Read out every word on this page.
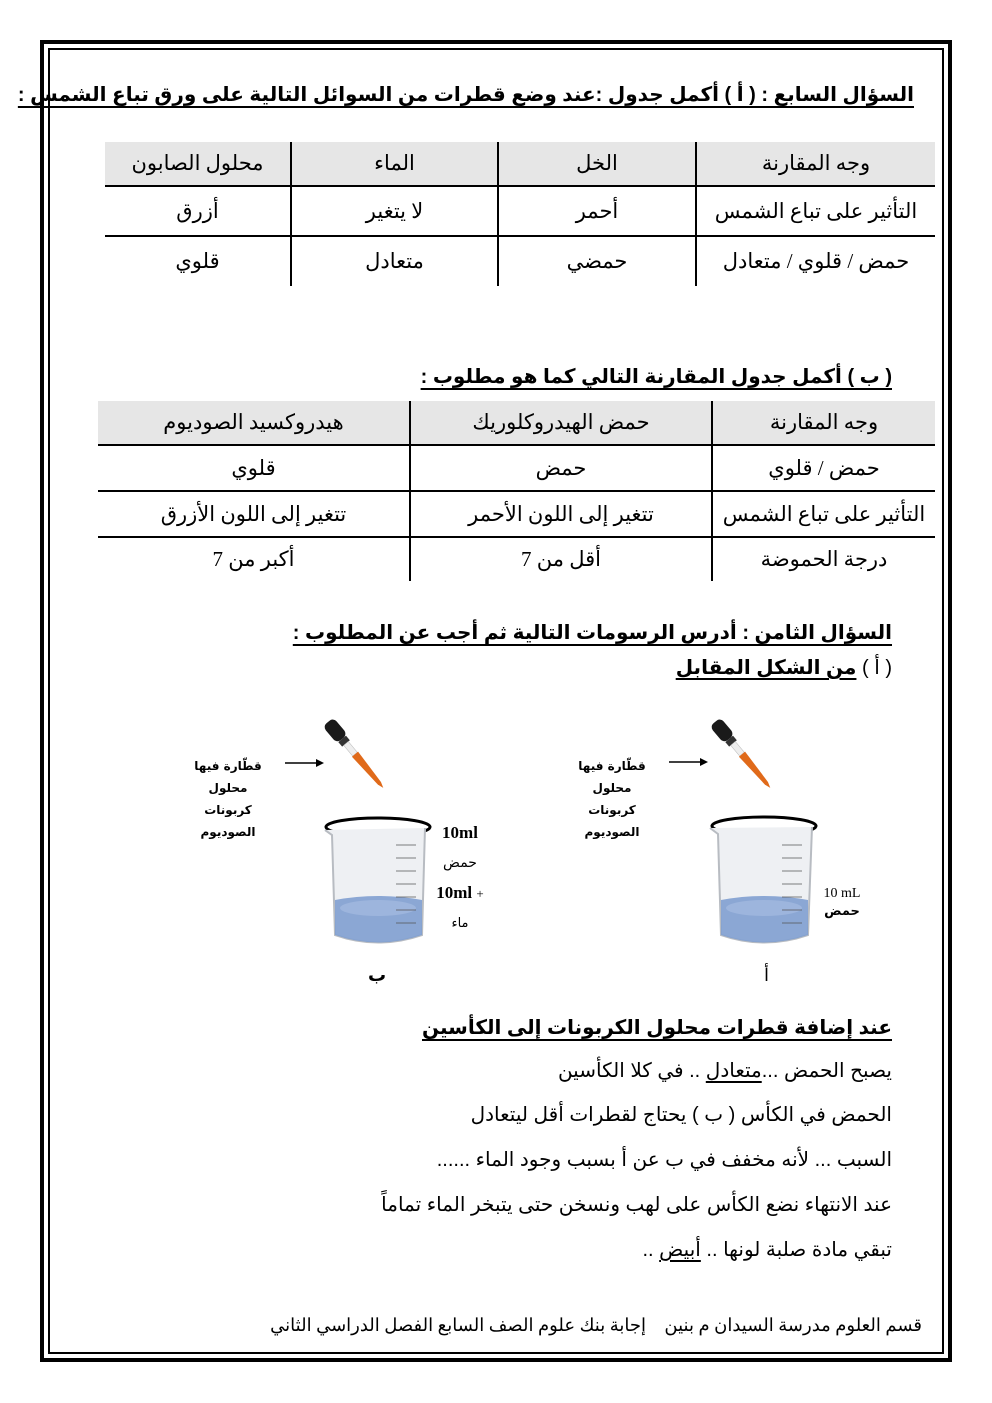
السؤال السابع : ( أ ) أكمل جدول :عند وضع قطرات من السوائل التالية على ورق تباع الشمس :
وجه المقارنة	الخل	الماء	محلول الصابون
التأثير على تباع الشمس	أحمر	لا يتغير	أزرق
حمض / قلوي / متعادل	حمضي	متعادل	قلوي
( ب ) أكمل جدول المقارنة التالي كما هو مطلوب :
وجه المقارنة	حمض الهيدروكلوريك	هيدروكسيد الصوديوم
حمض / قلوي	حمض	قلوي
التأثير على تباع الشمس	تتغير إلى اللون الأحمر	تتغير إلى اللون الأزرق
درجة الحموضة	أقل من 7	أكبر من 7
السؤال الثامن : أدرس الرسومات التالية ثم أجب عن المطلوب :
( أ ) من الشكل المقابل
قطّارة فيها محلول
كربونات الصوديوم	10ml
حمض
10ml +
ماء
ب
قطّارة فيها محلول
كربونات الصوديوم
10 mL
حمض
أ
عند إضافة قطرات محلول الكربونات إلى الكأسين
يصبح الحمض ...متعادل .. في كلا الكأسين
الحمض في الكأس ( ب ) يحتاج لقطرات أقل ليتعادل
السبب ... لأنه مخفف في ب عن أ بسبب وجود الماء ......
عند الانتهاء نضع الكأس على لهب ونسخن حتى يتبخر الماء تماماً
تبقي مادة صلبة لونها .. أبيض ..
قسم العلوم مدرسة السيدان م بنين
إجابة بنك علوم الصف السابع الفصل الدراسي الثاني
